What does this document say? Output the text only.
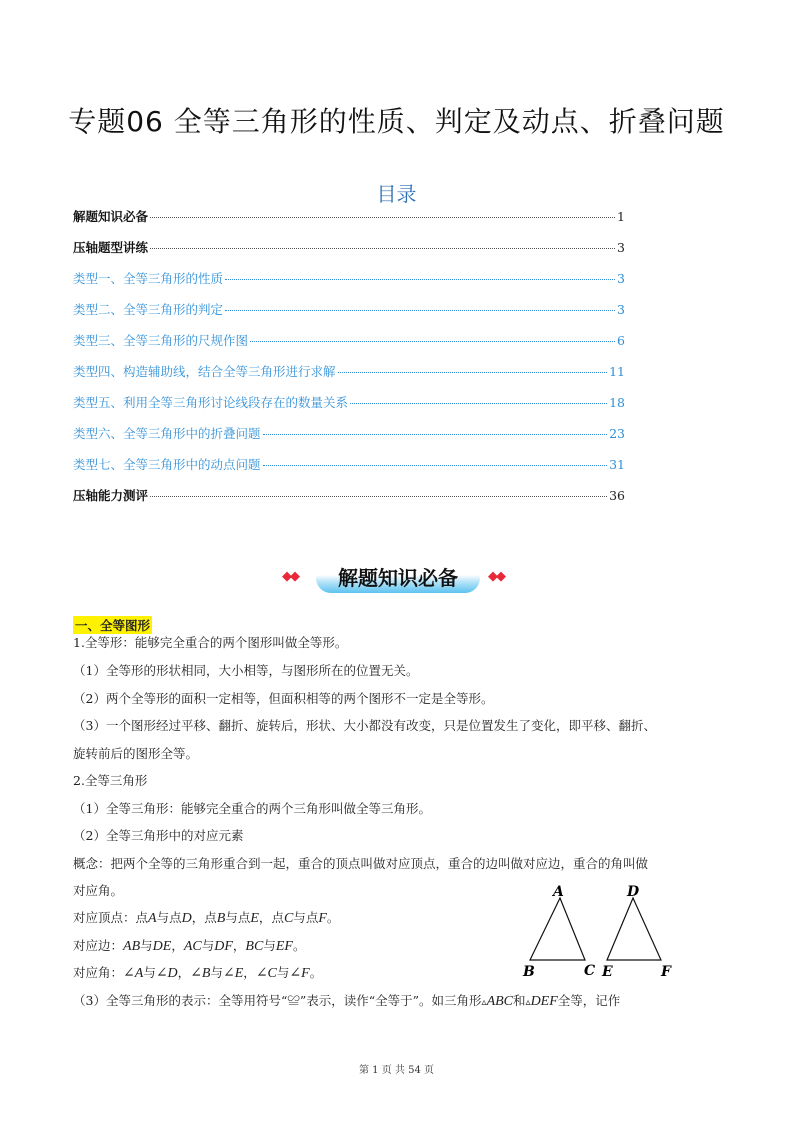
专题06 全等三角形的性质、判定及动点、折叠问题
目录
解题知识必备	1
压轴题型讲练	3
类型一、全等三角形的性质	3
类型二、全等三角形的判定	3
类型三、全等三角形的尺规作图	6
类型四、构造辅助线，结合全等三角形进行求解	11
类型五、利用全等三角形讨论线段存在的数量关系	18
类型六、全等三角形中的折叠问题	23
类型七、全等三角形中的动点问题	31
压轴能力测评	36
◆◆	解题知识必备	◆◆
一、全等图形
1.全等形：能够完全重合的两个图形叫做全等形。
（1）全等形的形状相同，大小相等，与图形所在的位置无关。
（2）两个全等形的面积一定相等，但面积相等的两个图形不一定是全等形。
（3）一个图形经过平移、翻折、旋转后，形状、大小都没有改变，只是位置发生了变化，即平移、翻折、
旋转前后的图形全等。
2.全等三角形
（1）全等三角形：能够完全重合的两个三角形叫做全等三角形。
（2）全等三角形中的对应元素
概念：把两个全等的三角形重合到一起，重合的顶点叫做对应顶点，重合的边叫做对应边，重合的角叫做
对应角。
对应顶点：点A与点D，点B与点E，点C与点F。
对应边：AB与DE，AC与DF，BC与EF。
对应角：∠A与∠D，∠B与∠E，∠C与∠F。
（3）全等三角形的表示：全等用符号“≌”表示，读作“全等于”。如三角形▵ABC和▵DEF全等，记作
A
B	C
D
E	F
第 1 页 共 54 页
